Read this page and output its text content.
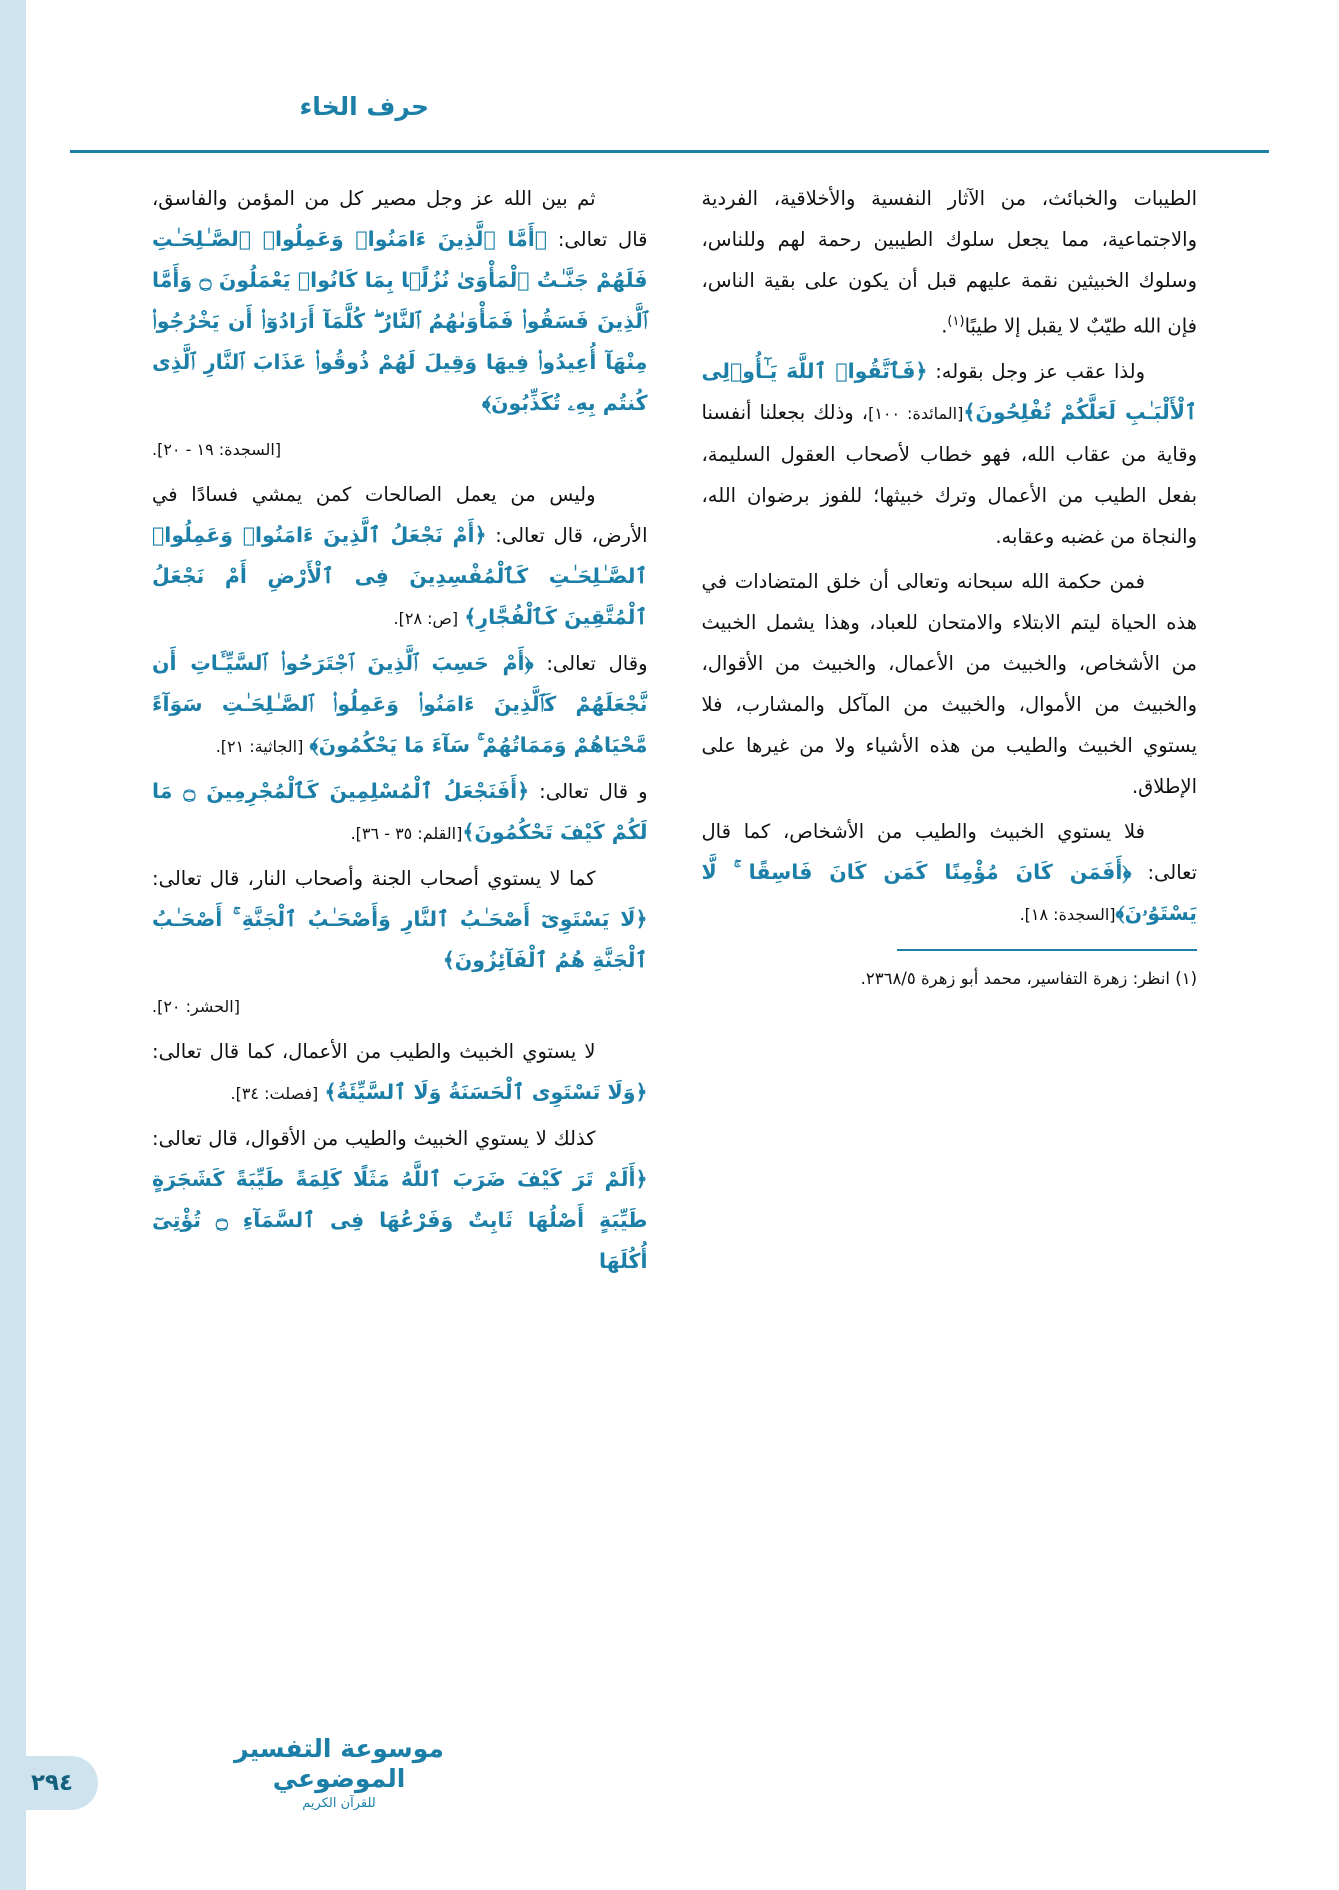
حرف الخاء

الطيبات والخبائث، من الآثار النفسية والأخلاقية، الفردية والاجتماعية، مما يجعل سلوك الطيبين رحمة لهم وللناس، وسلوك الخبيثين نقمة عليهم قبل أن يكون على بقية الناس، فإن الله طيّبٌ لا يقبل إلا طيبًا$^{(١)}$.

ولذا عقب عز وجل بقوله: ﴿فَٱتَّقُوا۟ ٱللَّهَ يَـٰٓأُو۟لِى ٱلْأَلْبَـٰبِ لَعَلَّكُمْ تُفْلِحُونَ﴾[المائدة: ١٠٠]، وذلك بجعلنا أنفسنا وقاية من عقاب الله، فهو خطاب لأصحاب العقول السليمة، بفعل الطيب من الأعمال وترك خبيثها؛ للفوز برضوان الله، والنجاة من غضبه وعقابه.

فمن حكمة الله سبحانه وتعالى أن خلق المتضادات في هذه الحياة ليتم الابتلاء والامتحان للعباد، وهذا يشمل الخبيث من الأشخاص، والخبيث من الأعمال، والخبيث من الأقوال، والخبيث من الأموال، والخبيث من المآكل والمشارب، فلا يستوي الخبيث والطيب من هذه الأشياء ولا من غيرها على الإطلاق.

فلا يستوي الخبيث والطيب من الأشخاص، كما قال تعالى: ﴿أَفَمَن كَانَ مُؤْمِنًا كَمَن كَانَ فَاسِقًا ۚ لَّا يَسْتَوُۥنَ﴾[السجدة: ١٨].

(١) انظر: زهرة التفاسير، محمد أبو زهرة ٢٣٦٨/٥.

ثم بين الله عز وجل مصير كل من المؤمن والفاسق، قال تعالى: ﴿أَمَّا ٱلَّذِينَ ءَامَنُوا۟ وَعَمِلُوا۟ ٱلصَّـٰلِحَـٰتِ فَلَهُمْ جَنَّـٰتُ ٱلْمَأْوَىٰ نُزُلًۢا بِمَا كَانُوا۟ يَعْمَلُونَ ۝ وَأَمَّا ٱلَّذِينَ فَسَقُوا۟ فَمَأْوَىٰهُمُ ٱلنَّارُ ۖ كُلَّمَآ أَرَادُوٓا۟ أَن يَخْرُجُوا۟ مِنْهَآ أُعِيدُوا۟ فِيهَا وَقِيلَ لَهُمْ ذُوقُوا۟ عَذَابَ ٱلنَّارِ ٱلَّذِى كُنتُم بِهِۦ تُكَذِّبُونَ﴾

[السجدة: ١٩ - ٢٠].

وليس من يعمل الصالحات كمن يمشي فسادًا في الأرض، قال تعالى: ﴿أَمْ نَجْعَلُ ٱلَّذِينَ ءَامَنُوا۟ وَعَمِلُوا۟ ٱلصَّـٰلِحَـٰتِ كَٱلْمُفْسِدِينَ فِى ٱلْأَرْضِ أَمْ نَجْعَلُ ٱلْمُتَّقِينَ كَٱلْفُجَّارِ﴾ [ص: ٢٨].

وقال تعالى: ﴿أَمْ حَسِبَ ٱلَّذِينَ ٱجْتَرَحُوا۟ ٱلسَّيِّـَٔاتِ أَن نَّجْعَلَهُمْ كَٱلَّذِينَ ءَامَنُوا۟ وَعَمِلُوا۟ ٱلصَّـٰلِحَـٰتِ سَوَآءً مَّحْيَاهُمْ وَمَمَاتُهُمْ ۚ سَآءَ مَا يَحْكُمُونَ﴾ [الجاثية: ٢١].

و قال تعالى: ﴿أَفَنَجْعَلُ ٱلْمُسْلِمِينَ كَٱلْمُجْرِمِينَ ۝ مَا لَكُمْ كَيْفَ تَحْكُمُونَ﴾[القلم: ٣٥ - ٣٦].

كما لا يستوي أصحاب الجنة وأصحاب النار، قال تعالى: ﴿لَا يَسْتَوِىٓ أَصْحَـٰبُ ٱلنَّارِ وَأَصْحَـٰبُ ٱلْجَنَّةِ ۚ أَصْحَـٰبُ ٱلْجَنَّةِ هُمُ ٱلْفَآئِزُونَ﴾

[الحشر: ٢٠].

لا يستوي الخبيث والطيب من الأعمال، كما قال تعالى: ﴿وَلَا تَسْتَوِى ٱلْحَسَنَةُ وَلَا ٱلسَّيِّئَةُ﴾ [فصلت: ٣٤].

كذلك لا يستوي الخبيث والطيب من الأقوال، قال تعالى: ﴿أَلَمْ تَرَ كَيْفَ ضَرَبَ ٱللَّهُ مَثَلًا كَلِمَةً طَيِّبَةً كَشَجَرَةٍ طَيِّبَةٍ أَصْلُهَا ثَابِتٌ وَفَرْعُهَا فِى ٱلسَّمَآءِ ۝ تُؤْتِىٓ أُكُلَهَا

موسوعة التفسير الموضوعي
للقرآن الكريم
٢٩٤
